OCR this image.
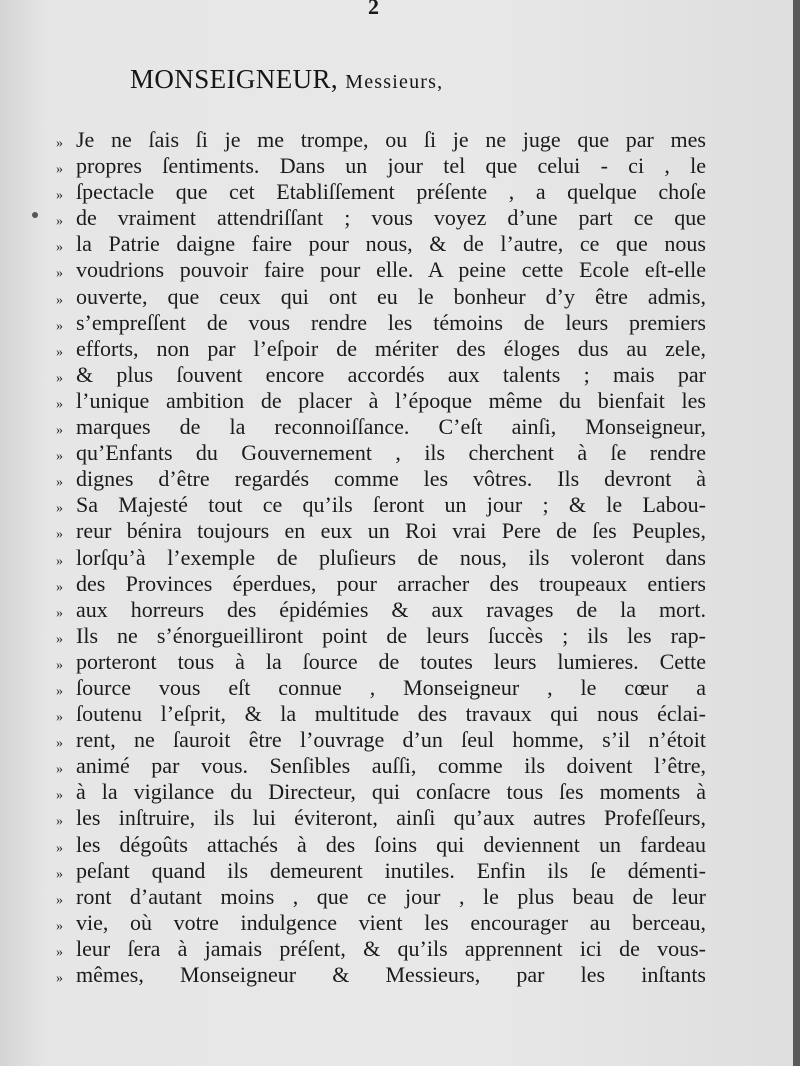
2
MONSEIGNEUR, Messieurs,
» Je ne ſais ſi je me trompe, ou ſi je ne juge que par mes
» propres ſentiments. Dans un jour tel que celui - ci , le
» ſpectacle que cet Etabliſſement préſente , a quelque choſe
» de vraiment attendriſſant ; vous voyez d’une part ce que
» la Patrie daigne faire pour nous, & de l’autre, ce que nous
» voudrions pouvoir faire pour elle. A peine cette Ecole eſt-elle
» ouverte, que ceux qui ont eu le bonheur d’y être admis,
» s’empreſſent de vous rendre les témoins de leurs premiers
» efforts, non par l’eſpoir de mériter des éloges dus au zele,
» & plus ſouvent encore accordés aux talents ; mais par
» l’unique ambition de placer à l’époque même du bienfait les
» marques de la reconnoiſſance. C’eſt ainſi, Monseigneur,
» qu’Enfants du Gouvernement , ils cherchent à ſe rendre
» dignes d’être regardés comme les vôtres. Ils devront à
» Sa Majesté tout ce qu’ils ſeront un jour ; & le Labou-
» reur bénira toujours en eux un Roi vrai Pere de ſes Peuples,
» lorſqu’à l’exemple de pluſieurs de nous, ils voleront dans
» des Provinces éperdues, pour arracher des troupeaux entiers
» aux horreurs des épidémies & aux ravages de la mort.
» Ils ne s’énorgueilliront point de leurs ſuccès ; ils les rap-
» porteront tous à la ſource de toutes leurs lumieres. Cette
» ſource vous eſt connue , Monseigneur , le cœur a
» ſoutenu l’eſprit, & la multitude des travaux qui nous éclai-
» rent, ne ſauroit être l’ouvrage d’un ſeul homme, s’il n’étoit
» animé par vous. Senſibles auſſi, comme ils doivent l’être,
» à la vigilance du Directeur, qui conſacre tous ſes moments à
» les inſtruire, ils lui éviteront, ainſi qu’aux autres Profeſſeurs,
» les dégoûts attachés à des ſoins qui deviennent un fardeau
» peſant quand ils demeurent inutiles. Enfin ils ſe démenti-
» ront d’autant moins , que ce jour , le plus beau de leur
» vie, où votre indulgence vient les encourager au berceau,
» leur ſera à jamais préſent, & qu’ils apprennent ici de vous-
» mêmes, Monseigneur & Messieurs, par les inſtants
